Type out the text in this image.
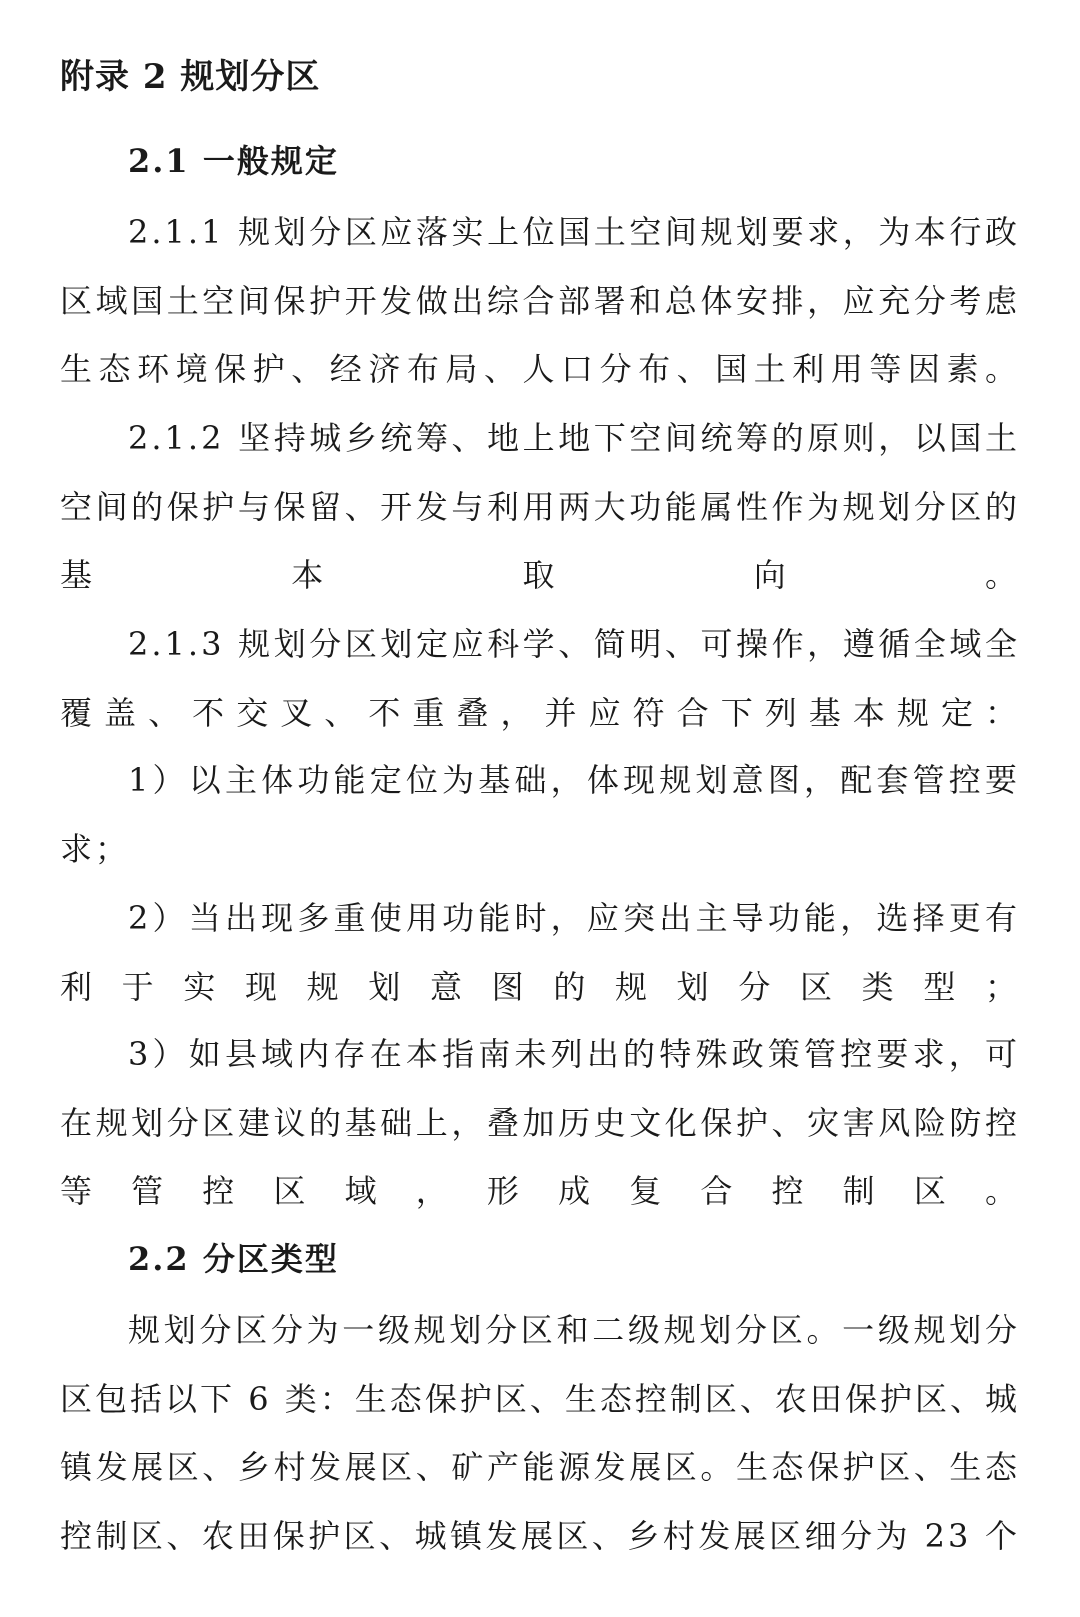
附录 2 规划分区
2.1 一般规定

2.1.1 规划分区应落实上位国土空间规划要求，为本行政区域国土空间保护开发做出综合部署和总体安排，应充分考虑生态环境保护、经济布局、人口分布、国土利用等因素。

2.1.2 坚持城乡统筹、地上地下空间统筹的原则，以国土空间的保护与保留、开发与利用两大功能属性作为规划分区的基本取向。

2.1.3 规划分区划定应科学、简明、可操作，遵循全域全覆盖、不交叉、不重叠，并应符合下列基本规定：

1）以主体功能定位为基础，体现规划意图，配套管控要求；

2）当出现多重使用功能时，应突出主导功能，选择更有利于实现规划意图的规划分区类型；

3）如县域内存在本指南未列出的特殊政策管控要求，可在规划分区建议的基础上，叠加历史文化保护、灾害风险防控等管控区域，形成复合控制区。

2.2 分区类型

规划分区分为一级规划分区和二级规划分区。一级规划分区包括以下 6 类：生态保护区、生态控制区、农田保护区、城镇发展区、乡村发展区、矿产能源发展区。生态保护区、生态控制区、农田保护区、城镇发展区、乡村发展区细分为 23 个
